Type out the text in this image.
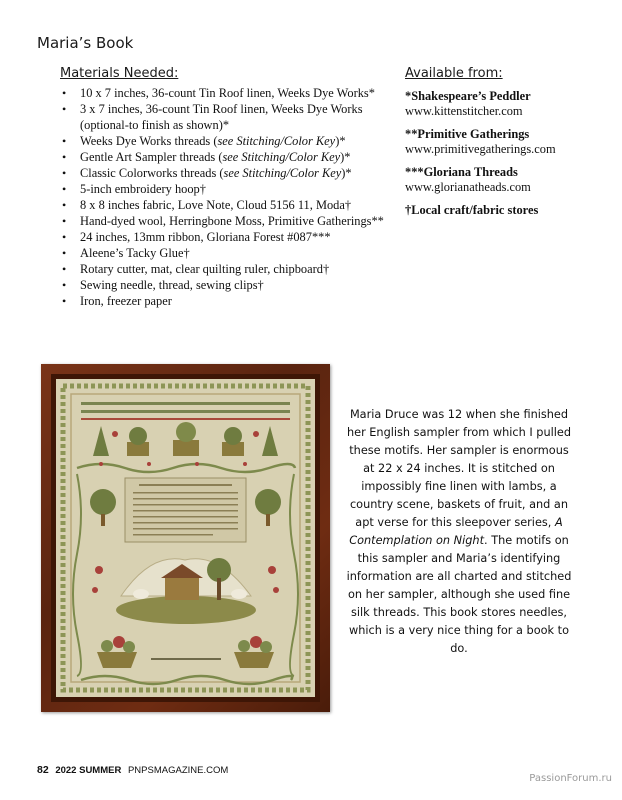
Maria’s Book
Materials Needed:
• 10 x 7 inches, 36-count Tin Roof linen, Weeks Dye Works*
• 3 x 7 inches, 36-count Tin Roof linen, Weeks Dye Works (optional-to finish as shown)*
• Weeks Dye Works threads (see Stitching/Color Key)*
• Gentle Art Sampler threads (see Stitching/Color Key)*
• Classic Colorworks threads (see Stitching/Color Key)*
• 5-inch embroidery hoop†
• 8 x 8 inches fabric, Love Note, Cloud 5156 11, Moda†
• Hand-dyed wool, Herringbone Moss, Primitive Gatherings**
• 24 inches, 13mm ribbon, Gloriana Forest #087***
• Aleene’s Tacky Glue†
• Rotary cutter, mat, clear quilting ruler, chipboard†
• Sewing needle, thread, sewing clips†
• Iron, freezer paper
Available from:
*Shakespeare’s Peddler
www.kittenstitcher.com
**Primitive Gatherings
www.primitivegatherings.com
***Gloriana Threads
www.glorianatheads.com
†Local craft/fabric stores
Maria Druce was 12 when she finished her English sampler from which I pulled these motifs. Her sampler is enormous at 22 x 24 inches. It is stitched on impossibly fine linen with lambs, a country scene, baskets of fruit, and an apt verse for this sleepover series, A Contemplation on Night. The motifs on this sampler and Maria’s identifying information are all charted and stitched on her sampler, although she used fine silk threads. This book stores needles, which is a very nice thing for a book to do.
82 2022 SUMMER PNPSMAGAZINE.COM
PassionForum.ru
